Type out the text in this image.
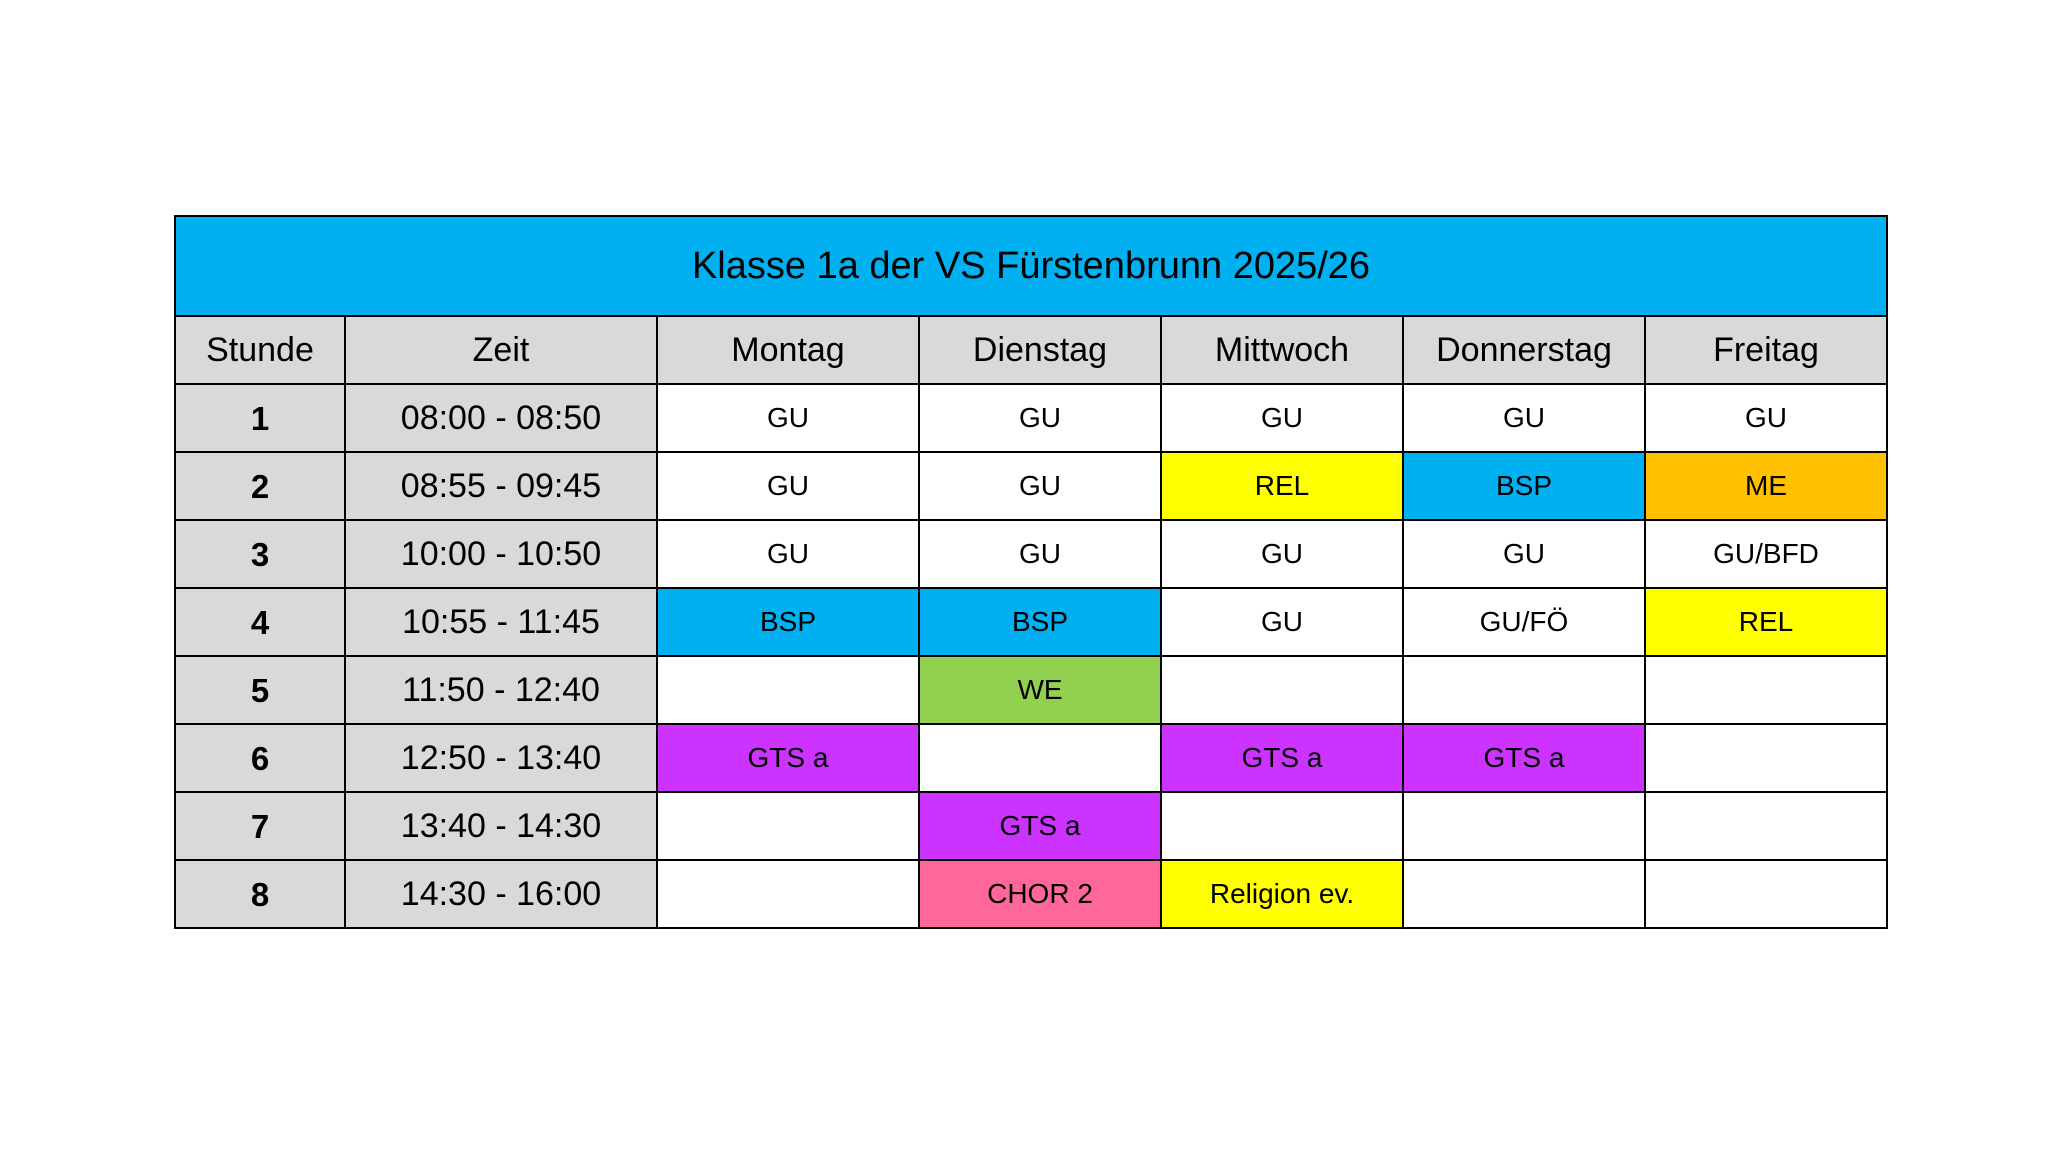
Klasse 1a der VS Fürstenbrunn 2025/26						
Stunde	Zeit	Montag	Dienstag	Mittwoch	Donnerstag	Freitag
1	08:00 - 08:50	GU	GU	GU	GU	GU
2	08:55 - 09:45	GU	GU	REL	BSP	ME
3	10:00 - 10:50	GU	GU	GU	GU	GU/BFD
4	10:55 - 11:45	BSP	BSP	GU	GU/FÖ	REL
5	11:50 - 12:40		WE			
6	12:50 - 13:40	GTS a		GTS a	GTS a	
7	13:40 - 14:30		GTS a			
8	14:30 - 16:00		CHOR 2	Religion ev.		
